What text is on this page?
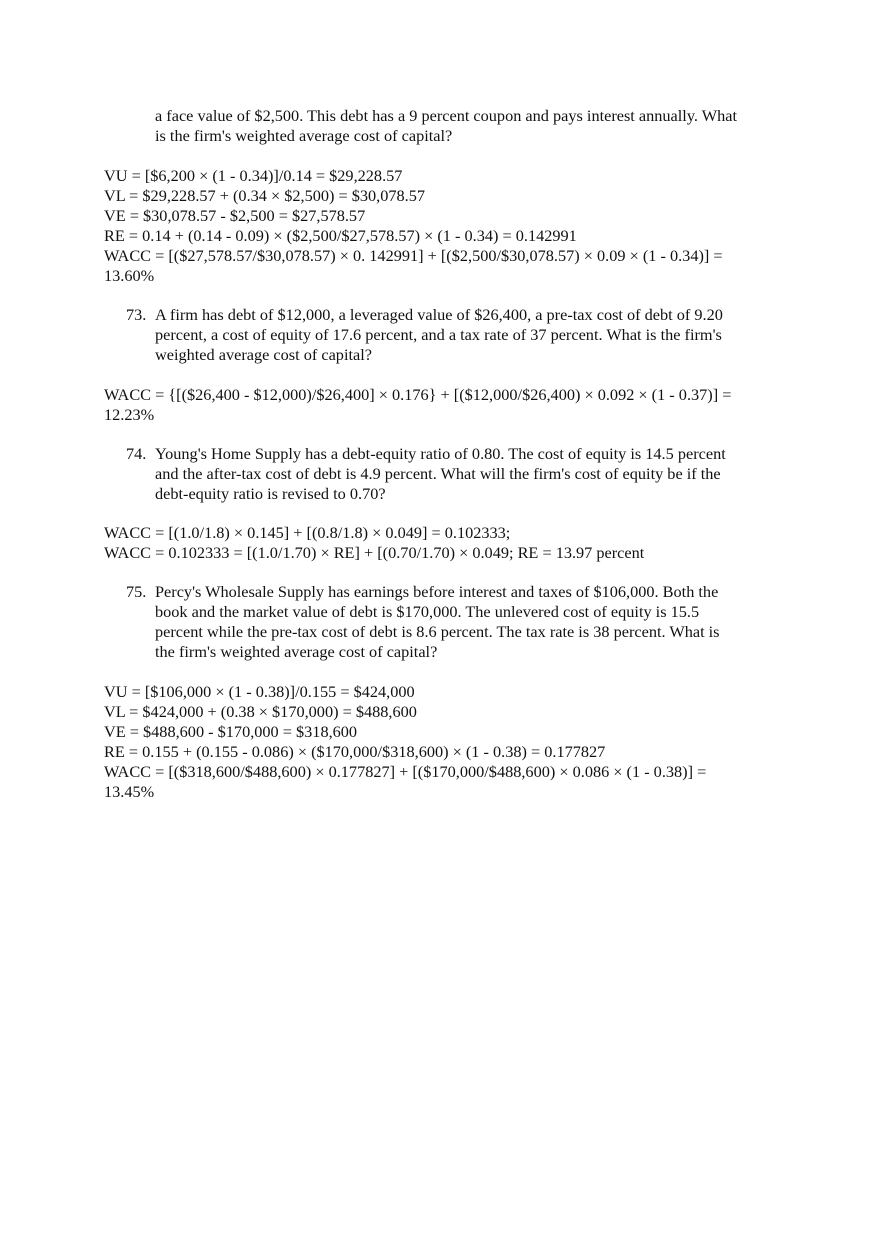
a face value of $2,500. This debt has a 9 percent coupon and pays interest annually. What
is the firm's weighted average cost of capital?

VU = [$6,200 × (1 - 0.34)]/0.14 = $29,228.57

VL = $29,228.57 + (0.34 × $2,500) = $30,078.57

VE = $30,078.57 - $2,500 = $27,578.57

RE = 0.14 + (0.14 - 0.09) × ($2,500/$27,578.57) × (1 - 0.34) = 0.142991

WACC = [($27,578.57/$30,078.57) × 0. 142991] + [($2,500/$30,078.57) × 0.09 × (1 - 0.34)] =

13.60%

73. A firm has debt of $12,000, a leveraged value of $26,400, a pre-tax cost of debt of 9.20
percent, a cost of equity of 17.6 percent, and a tax rate of 37 percent. What is the firm's
weighted average cost of capital?

WACC = {[($26,400 - $12,000)/$26,400] × 0.176} + [($12,000/$26,400) × 0.092 × (1 - 0.37)] =

12.23%

74. Young's Home Supply has a debt-equity ratio of 0.80. The cost of equity is 14.5 percent
and the after-tax cost of debt is 4.9 percent. What will the firm's cost of equity be if the
debt-equity ratio is revised to 0.70?

WACC = [(1.0/1.8) × 0.145] + [(0.8/1.8) × 0.049] = 0.102333;

WACC = 0.102333 = [(1.0/1.70) × RE] + [(0.70/1.70) × 0.049; RE = 13.97 percent

75. Percy's Wholesale Supply has earnings before interest and taxes of $106,000. Both the
book and the market value of debt is $170,000. The unlevered cost of equity is 15.5
percent while the pre-tax cost of debt is 8.6 percent. The tax rate is 38 percent. What is
the firm's weighted average cost of capital?

VU = [$106,000 × (1 - 0.38)]/0.155 = $424,000

VL = $424,000 + (0.38 × $170,000) = $488,600

VE = $488,600 - $170,000 = $318,600

RE = 0.155 + (0.155 - 0.086) × ($170,000/$318,600) × (1 - 0.38) = 0.177827

WACC = [($318,600/$488,600) × 0.177827] + [($170,000/$488,600) × 0.086 × (1 - 0.38)] =

13.45%
